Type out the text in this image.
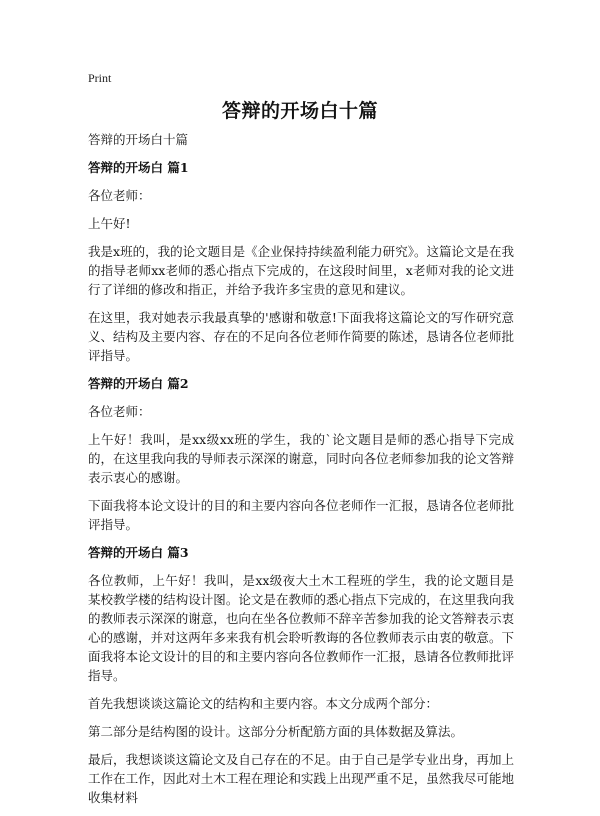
Print
答辩的开场白十篇

答辩的开场白十篇

答辩的开场白 篇1

各位老师：

上午好!

我是x班的，我的论文题目是《企业保持持续盈利能力研究》。这篇论文是在我的指导老师xx老师的悉心指点下完成的，在这段时间里，x老师对我的论文进行了详细的修改和指正，并给予我许多宝贵的意见和建议。

在这里，我对她表示我最真挚的'感谢和敬意!下面我将这篇论文的写作研究意义、结构及主要内容、存在的不足向各位老师作简要的陈述，恳请各位老师批评指导。

答辩的开场白 篇2

各位老师：

上午好！我叫，是xx级xx班的学生，我的`论文题目是师的悉心指导下完成的，在这里我向我的导师表示深深的谢意，同时向各位老师参加我的论文答辩表示衷心的感谢。

下面我将本论文设计的目的和主要内容向各位老师作一汇报，恳请各位老师批评指导。

答辩的开场白 篇3

各位教师，上午好！我叫，是xx级夜大土木工程班的学生，我的论文题目是某校教学楼的结构设计图。论文是在教师的悉心指点下完成的，在这里我向我的教师表示深深的谢意，也向在坐各位教师不辞辛苦参加我的论文答辩表示衷心的感谢，并对这两年多来我有机会聆听教诲的各位教师表示由衷的敬意。下面我将本论文设计的目的和主要内容向各位教师作一汇报，恳请各位教师批评指导。

首先我想谈谈这篇论文的结构和主要内容。本文分成两个部分：

第二部分是结构图的设计。这部分分析配筋方面的具体数据及算法。

最后，我想谈谈这篇论文及自己存在的不足。由于自己是学专业出身，再加上工作在工作，因此对土木工程在理论和实践上出现严重不足，虽然我尽可能地收集材料
